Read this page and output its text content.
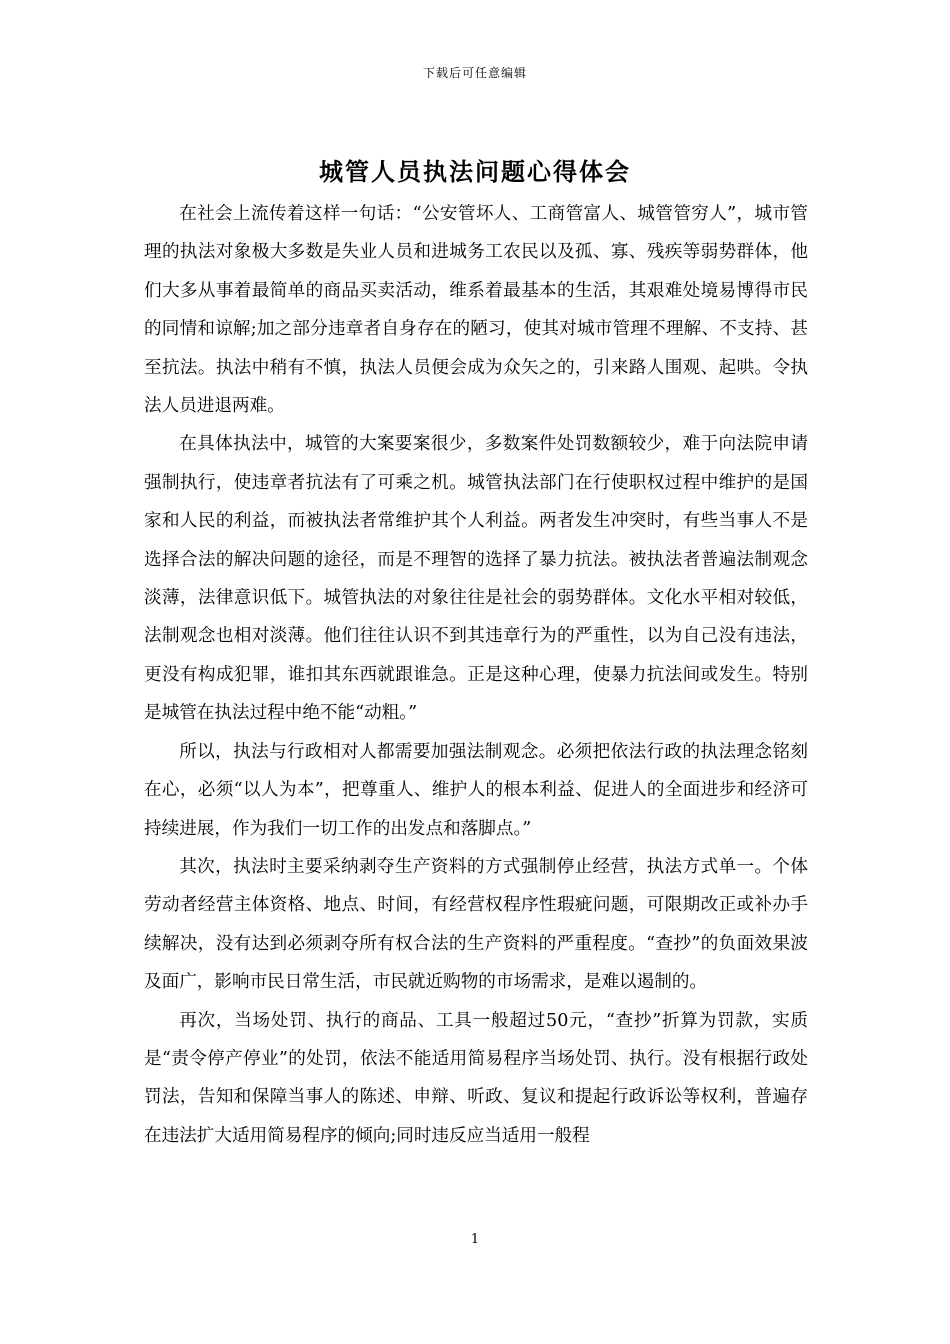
下载后可任意编辑
城管人员执法问题心得体会

在社会上流传着这样一句话：“公安管坏人、工商管富人、城管管穷人”，城市管理的执法对象极大多数是失业人员和进城务工农民以及孤、寡、残疾等弱势群体，他们大多从事着最简单的商品买卖活动，维系着最基本的生活，其艰难处境易博得市民的同情和谅解;加之部分违章者自身存在的陋习，使其对城市管理不理解、不支持、甚至抗法。执法中稍有不慎，执法人员便会成为众矢之的，引来路人围观、起哄。令执法人员进退两难。

在具体执法中，城管的大案要案很少，多数案件处罚数额较少，难于向法院申请强制执行，使违章者抗法有了可乘之机。城管执法部门在行使职权过程中维护的是国家和人民的利益，而被执法者常维护其个人利益。两者发生冲突时，有些当事人不是选择合法的解决问题的途径，而是不理智的选择了暴力抗法。被执法者普遍法制观念淡薄，法律意识低下。城管执法的对象往往是社会的弱势群体。文化水平相对较低，法制观念也相对淡薄。他们往往认识不到其违章行为的严重性，以为自己没有违法，更没有构成犯罪，谁扣其东西就跟谁急。正是这种心理，使暴力抗法间或发生。特别是城管在执法过程中绝不能“动粗。”

所以，执法与行政相对人都需要加强法制观念。必须把依法行政的执法理念铭刻在心，必须“以人为本”，把尊重人、维护人的根本利益、促进人的全面进步和经济可持续进展，作为我们一切工作的出发点和落脚点。”

其次，执法时主要采纳剥夺生产资料的方式强制停止经营，执法方式单一。个体劳动者经营主体资格、地点、时间，有经营权程序性瑕疵问题，可限期改正或补办手续解决，没有达到必须剥夺所有权合法的生产资料的严重程度。“查抄”的负面效果波及面广，影响市民日常生活，市民就近购物的市场需求，是难以遏制的。

再次，当场处罚、执行的商品、工具一般超过50元，“查抄”折算为罚款，实质是“责令停产停业”的处罚，依法不能适用简易程序当场处罚、执行。没有根据行政处罚法，告知和保障当事人的陈述、申辩、听政、复议和提起行政诉讼等权利，普遍存在违法扩大适用简易程序的倾向;同时违反应当适用一般程

1
